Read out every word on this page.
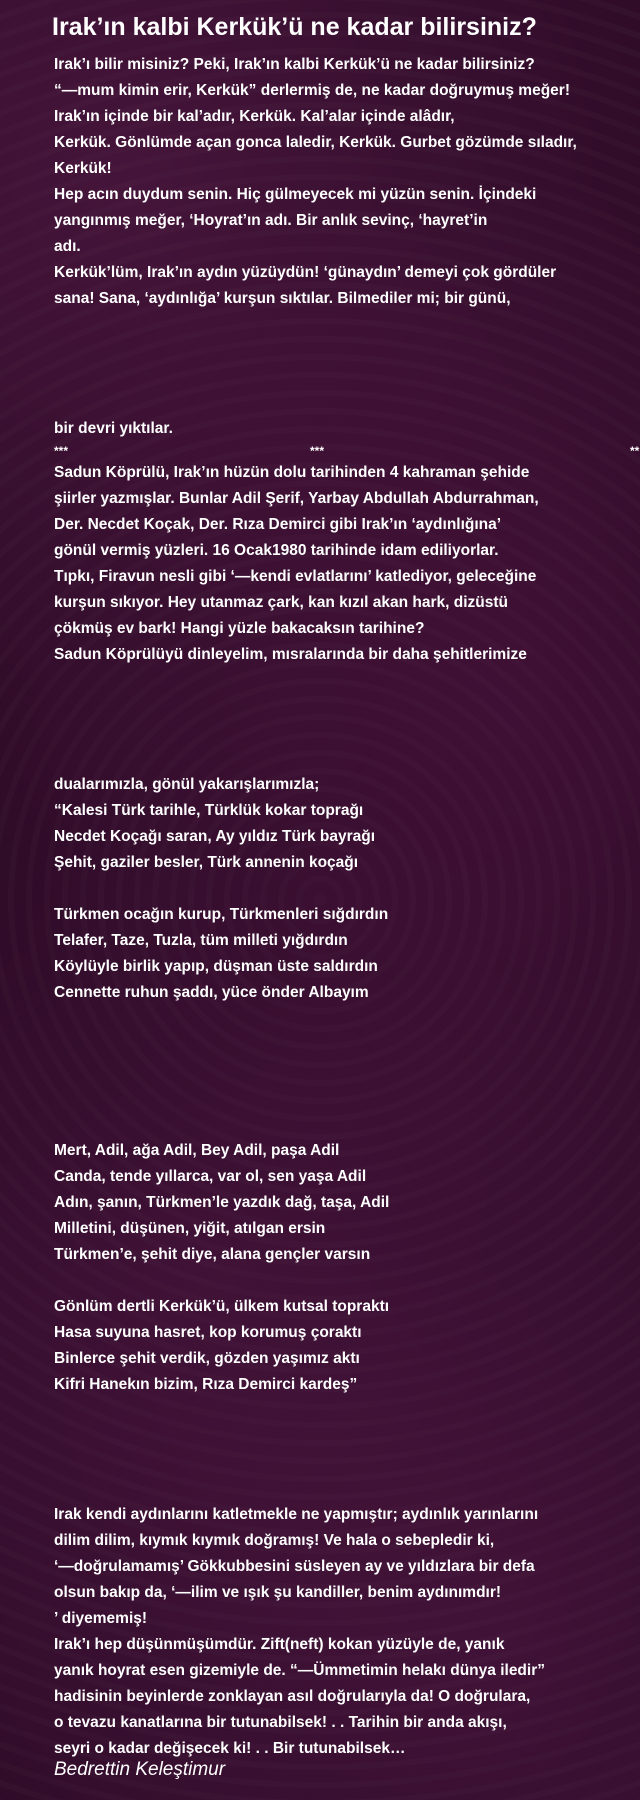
Irak’ın kalbi Kerkük’ü ne kadar bilirsiniz?
Irak’ı bilir misiniz? Peki, Irak’ın kalbi Kerkük’ü ne kadar bilirsiniz?
“—mum kimin erir, Kerkük” derlermiş de, ne kadar doğruymuş meğer!
Irak’ın içinde bir kal’adır, Kerkük. Kal’alar içinde alâdır,
Kerkük. Gönlümde açan gonca laledir, Kerkük. Gurbet gözümde sıladır,
Kerkük!
Hep acın duydum senin. Hiç gülmeyecek mi yüzün senin. İçindeki
yangınmış meğer, ‘Hoyrat’ın adı. Bir anlık sevinç, ‘hayret’in
adı.
Kerkük’lüm, Irak’ın aydın yüzüydün! ‘günaydın’ demeyi çok gördüler
sana! Sana, ‘aydınlığa’ kurşun sıktılar. Bilmediler mi; bir günü,
bir devri yıktılar.
***	***	**
Sadun Köprülü, Irak’ın hüzün dolu tarihinden 4 kahraman şehide
şiirler yazmışlar. Bunlar Adil Şerif, Yarbay Abdullah Abdurrahman,
Der. Necdet Koçak, Der. Rıza Demirci gibi Irak’ın ‘aydınlığına’
gönül vermiş yüzleri. 16 Ocak1980 tarihinde idam ediliyorlar.
Tıpkı, Firavun nesli gibi ‘—kendi evlatlarını’ katlediyor, geleceğine
kurşun sıkıyor. Hey utanmaz çark, kan kızıl akan hark, dizüstü
çökmüş ev bark! Hangi yüzle bakacaksın tarihine?
Sadun Köprülüyü dinleyelim, mısralarında bir daha şehitlerimize
dualarımızla, gönül yakarışlarımızla;
“Kalesi Türk tarihle, Türklük kokar toprağı
Necdet Koçağı saran, Ay yıldız Türk bayrağı
Şehit, gaziler besler, Türk annenin koçağı
Türkmen ocağın kurup, Türkmenleri sığdırdın
Telafer, Taze, Tuzla, tüm milleti yığdırdın
Köylüyle birlik yapıp, düşman üste saldırdın
Cennette ruhun şaddı, yüce önder Albayım
Mert, Adil, ağa Adil, Bey Adil, paşa Adil
Canda, tende yıllarca, var ol, sen yaşa Adil
Adın, şanın, Türkmen’le yazdık dağ, taşa, Adil
Milletini, düşünen, yiğit, atılgan ersin
Türkmen’e, şehit diye, alana gençler varsın
Gönlüm dertli Kerkük’ü, ülkem kutsal topraktı
Hasa suyuna hasret, kop korumuş çoraktı
Binlerce şehit verdik, gözden yaşımız aktı
Kifri Hanekın bizim, Rıza Demirci kardeş”
Irak kendi aydınlarını katletmekle ne yapmıştır; aydınlık yarınlarını
dilim dilim, kıymık kıymık doğramış! Ve hala o sebepledir ki,
‘—doğrulamamış’ Gökkubbesini süsleyen ay ve yıldızlara bir defa
olsun bakıp da, ‘—ilim ve ışık şu kandiller, benim aydınımdır!
’ diyememiş!
Irak’ı hep düşünmüşümdür. Zift(neft) kokan yüzüyle de, yanık
yanık hoyrat esen gizemiyle de. “—Ümmetimin helakı dünya iledir”
hadisinin beyinlerde zonklayan asıl doğrularıyla da! O doğrulara,
o tevazu kanatlarına bir tutunabilsek! . . Tarihin bir anda akışı,
seyri o kadar değişecek ki! . . Bir tutunabilsek…
Bedrettin Keleştimur
